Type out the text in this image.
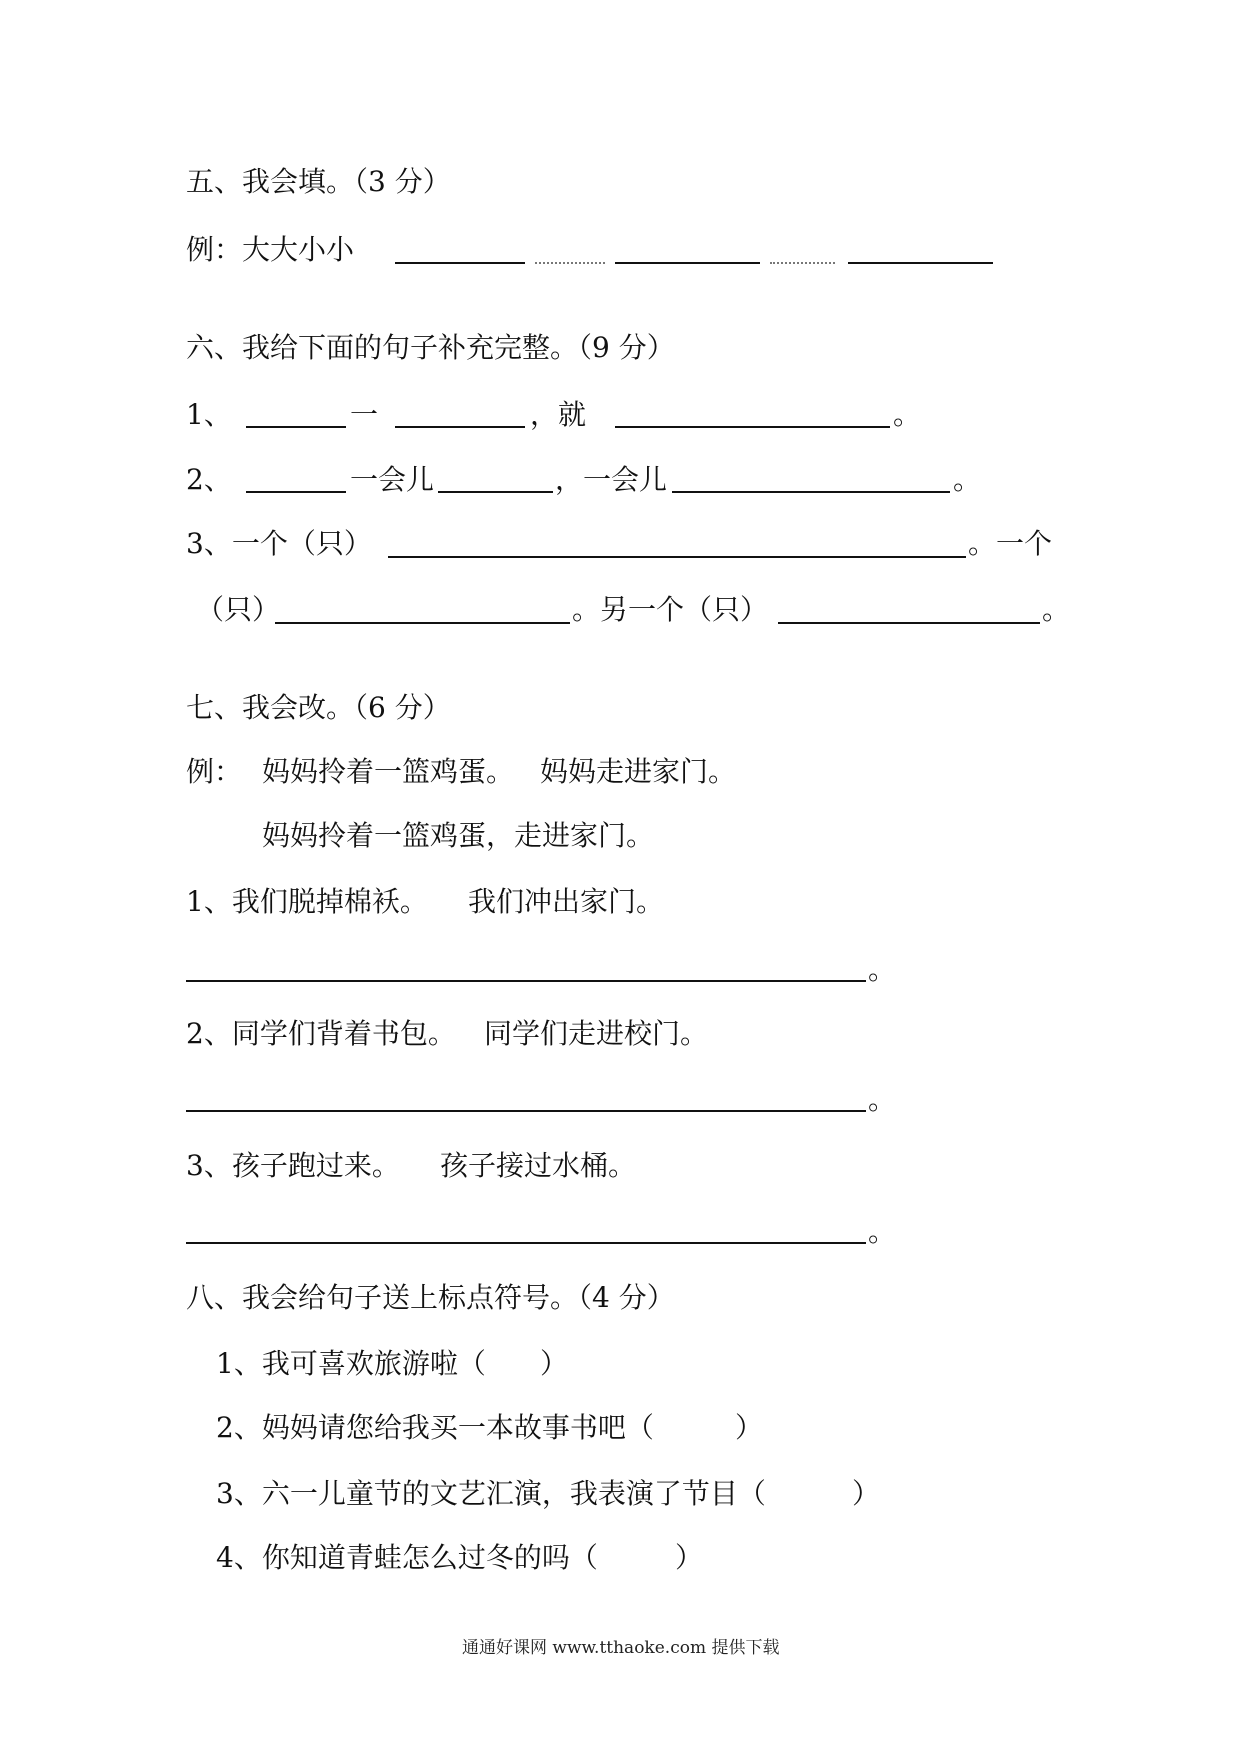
五、我会填。（3 分）
例：大大小小
六、我给下面的句子补充完整。（9 分）
1、	一	，就	。
2、	一会儿	，一会儿	。
3、一个（只）	。一个
（只）	。另一个（只）	。
七、我会改。（6 分）
例： 妈妈拎着一篮鸡蛋。 妈妈走进家门。
妈妈拎着一篮鸡蛋，走进家门。
1、我们脱掉棉袄。 我们冲出家门。
。
2、同学们背着书包。 同学们走进校门。
。
3、孩子跑过来。 孩子接过水桶。
。
八、我会给句子送上标点符号。（4 分）
1、我可喜欢旅游啦（ ）
2、妈妈请您给我买一本故事书吧（	）
3、六一儿童节的文艺汇演，我表演了节目（	）
4、你知道青蛙怎么过冬的吗（	）
通通好课网 www.tthaoke.com 提供下载
